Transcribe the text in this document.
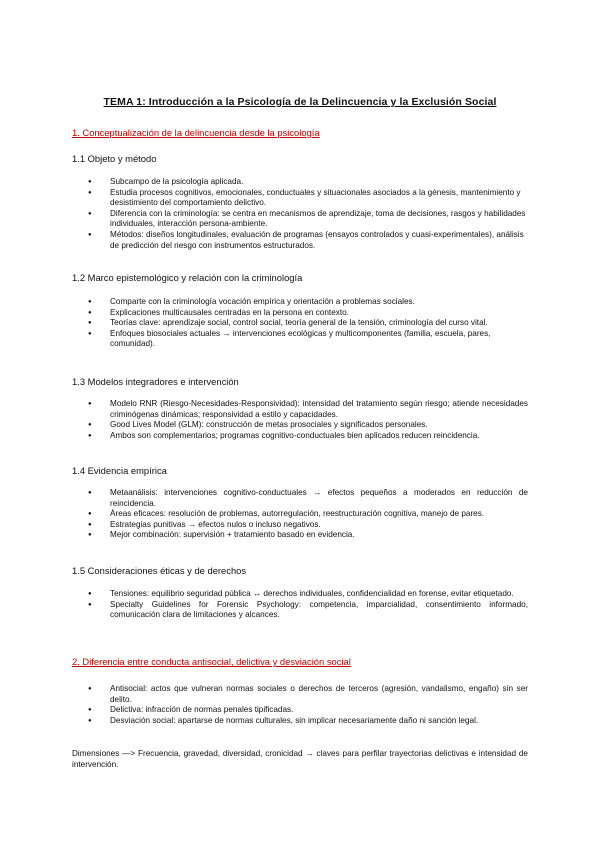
TEMA 1: Introducción a la Psicología de la Delincuencia y la Exclusión Social
1. Conceptualización de la delincuencia desde la psicología
1.1 Objeto y método
● Subcampo de la psicología aplicada.
● Estudia procesos cognitivos, emocionales, conductuales y situacionales asociados a la génesis, mantenimiento y desistimiento del comportamiento delictivo.
● Diferencia con la criminología: se centra en mecanismos de aprendizaje, toma de decisiones, rasgos y habilidades individuales, interacción persona-ambiente.
● Métodos: diseños longitudinales, evaluación de programas (ensayos controlados y cuasi-experimentales), análisis de predicción del riesgo con instrumentos estructurados.
1.2 Marco epistemológico y relación con la criminología
● Comparte con la criminología vocación empírica y orientación a problemas sociales.
● Explicaciones multicausales centradas en la persona en contexto.
● Teorías clave: aprendizaje social, control social, teoría general de la tensión, criminología del curso vital.
● Enfoques biosociales actuales → intervenciones ecológicas y multicomponentes (familia, escuela, pares, comunidad).
1.3 Modelos integradores e intervención
● Modelo RNR (Riesgo-Necesidades-Responsividad): intensidad del tratamiento según riesgo; atiende necesidades criminógenas dinámicas; responsividad a estilo y capacidades.
● Good Lives Model (GLM): construcción de metas prosociales y significados personales.
● Ambos son complementarios; programas cognitivo-conductuales bien aplicados reducen reincidencia.
1.4 Evidencia empírica
● Metaanálisis: intervenciones cognitivo-conductuales → efectos pequeños a moderados en reducción de reincidencia.
● Áreas eficaces: resolución de problemas, autorregulación, reestructuración cognitiva, manejo de pares.
● Estrategias punitivas → efectos nulos o incluso negativos.
● Mejor combinación: supervisión + tratamiento basado en evidencia.
1.5 Consideraciones éticas y de derechos
● Tensiones: equilibrio seguridad pública ↔ derechos individuales, confidencialidad en forense, evitar etiquetado.
● Specialty Guidelines for Forensic Psychology: competencia, imparcialidad, consentimiento informado, comunicación clara de limitaciones y alcances.
2. Diferencia entre conducta antisocial, delictiva y desviación social
● Antisocial: actos que vulneran normas sociales o derechos de terceros (agresión, vandalismo, engaño) sin ser delito.
● Delictiva: infracción de normas penales tipificadas.
● Desviación social: apartarse de normas culturales, sin implicar necesariamente daño ni sanción legal.
Dimensiones —> Frecuencia, gravedad, diversidad, cronicidad → claves para perfilar trayectorias delictivas e intensidad de intervención.
